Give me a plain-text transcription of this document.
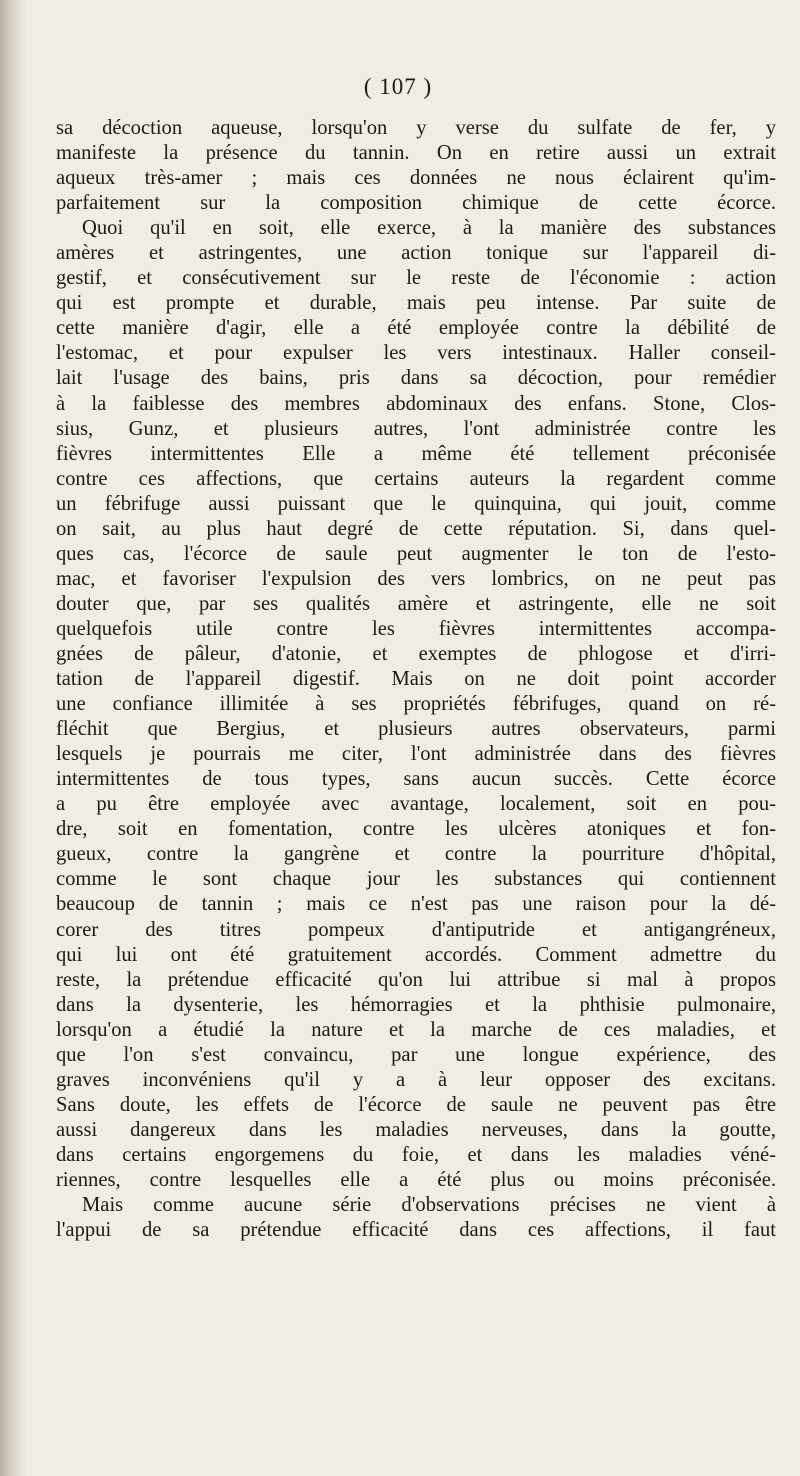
( 107 )
sa décoction aqueuse, lorsqu'on y verse du sulfate de fer, y
manifeste la présence du tannin. On en retire aussi un extrait
aqueux très-amer ; mais ces données ne nous éclairent qu'im-
parfaitement sur la composition chimique de cette écorce.
Quoi qu'il en soit, elle exerce, à la manière des substances
amères et astringentes, une action tonique sur l'appareil di-
gestif, et consécutivement sur le reste de l'économie : action
qui est prompte et durable, mais peu intense. Par suite de
cette manière d'agir, elle a été employée contre la débilité de
l'estomac, et pour expulser les vers intestinaux. Haller conseil-
lait l'usage des bains, pris dans sa décoction, pour remédier
à la faiblesse des membres abdominaux des enfans. Stone, Clos-
sius, Gunz, et plusieurs autres, l'ont administrée contre les
fièvres intermittentes Elle a même été tellement préconisée
contre ces affections, que certains auteurs la regardent comme
un fébrifuge aussi puissant que le quinquina, qui jouit, comme
on sait, au plus haut degré de cette réputation. Si, dans quel-
ques cas, l'écorce de saule peut augmenter le ton de l'esto-
mac, et favoriser l'expulsion des vers lombrics, on ne peut pas
douter que, par ses qualités amère et astringente, elle ne soit
quelquefois utile contre les fièvres intermittentes accompa-
gnées de pâleur, d'atonie, et exemptes de phlogose et d'irri-
tation de l'appareil digestif. Mais on ne doit point accorder
une confiance illimitée à ses propriétés fébrifuges, quand on ré-
fléchit que Bergius, et plusieurs autres observateurs, parmi
lesquels je pourrais me citer, l'ont administrée dans des fièvres
intermittentes de tous types, sans aucun succès. Cette écorce
a pu être employée avec avantage, localement, soit en pou-
dre, soit en fomentation, contre les ulcères atoniques et fon-
gueux, contre la gangrène et contre la pourriture d'hôpital,
comme le sont chaque jour les substances qui contiennent
beaucoup de tannin ; mais ce n'est pas une raison pour la dé-
corer des titres pompeux d'antiputride et antigangréneux,
qui lui ont été gratuitement accordés. Comment admettre du
reste, la prétendue efficacité qu'on lui attribue si mal à propos
dans la dysenterie, les hémorragies et la phthisie pulmonaire,
lorsqu'on a étudié la nature et la marche de ces maladies, et
que l'on s'est convaincu, par une longue expérience, des
graves inconvéniens qu'il y a à leur opposer des excitans.
Sans doute, les effets de l'écorce de saule ne peuvent pas être
aussi dangereux dans les maladies nerveuses, dans la goutte,
dans certains engorgemens du foie, et dans les maladies véné-
riennes, contre lesquelles elle a été plus ou moins préconisée.
Mais comme aucune série d'observations précises ne vient à
l'appui de sa prétendue efficacité dans ces affections, il faut
